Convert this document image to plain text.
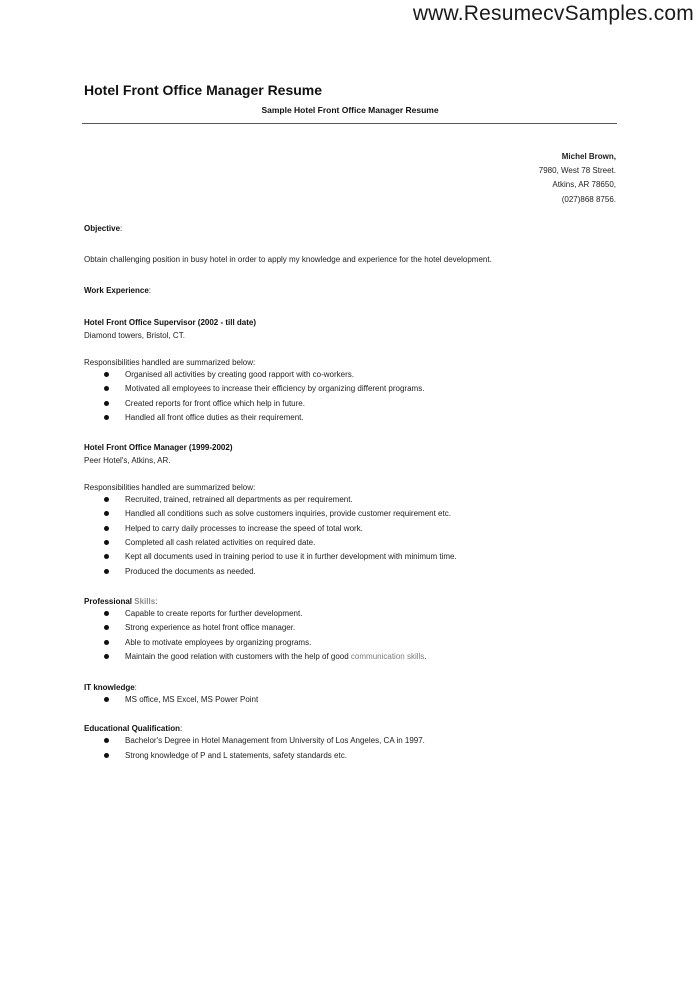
www.ResumecvSamples.com
Hotel Front Office Manager Resume
Sample Hotel Front Office Manager Resume
Michel Brown,
7980, West 78 Street.
Atkins, AR 78650,
(027)868 8756.
Objective:
Obtain challenging position in busy hotel in order to apply my knowledge and experience for the hotel development.
Work Experience:
Hotel Front Office Supervisor (2002 - till date)
Diamond towers, Bristol, CT.
Responsibilities handled are summarized below:
Organised all activities by creating good rapport with co-workers.
Motivated all employees to increase their efficiency by organizing different programs.
Created reports for front office which help in future.
Handled all front office duties as their requirement.
Hotel Front Office Manager (1999-2002)
Peer Hotel's, Atkins, AR.
Responsibilities handled are summarized below:
Recruited, trained, retrained all departments as per requirement.
Handled all conditions such as solve customers inquiries, provide customer requirement etc.
Helped to carry daily processes to increase the speed of total work.
Completed all cash related activities on required date.
Kept all documents used in training period to use it in further development with minimum time.
Produced the documents as needed.
Professional Skills:
Capable to create reports for further development.
Strong experience as hotel front office manager.
Able to motivate employees by organizing programs.
Maintain the good relation with customers with the help of good communication skills.
IT knowledge:
MS office, MS Excel, MS Power Point
Educational Qualification:
Bachelor's Degree in Hotel Management from University of Los Angeles, CA in 1997.
Strong knowledge of P and L statements, safety standards etc.
